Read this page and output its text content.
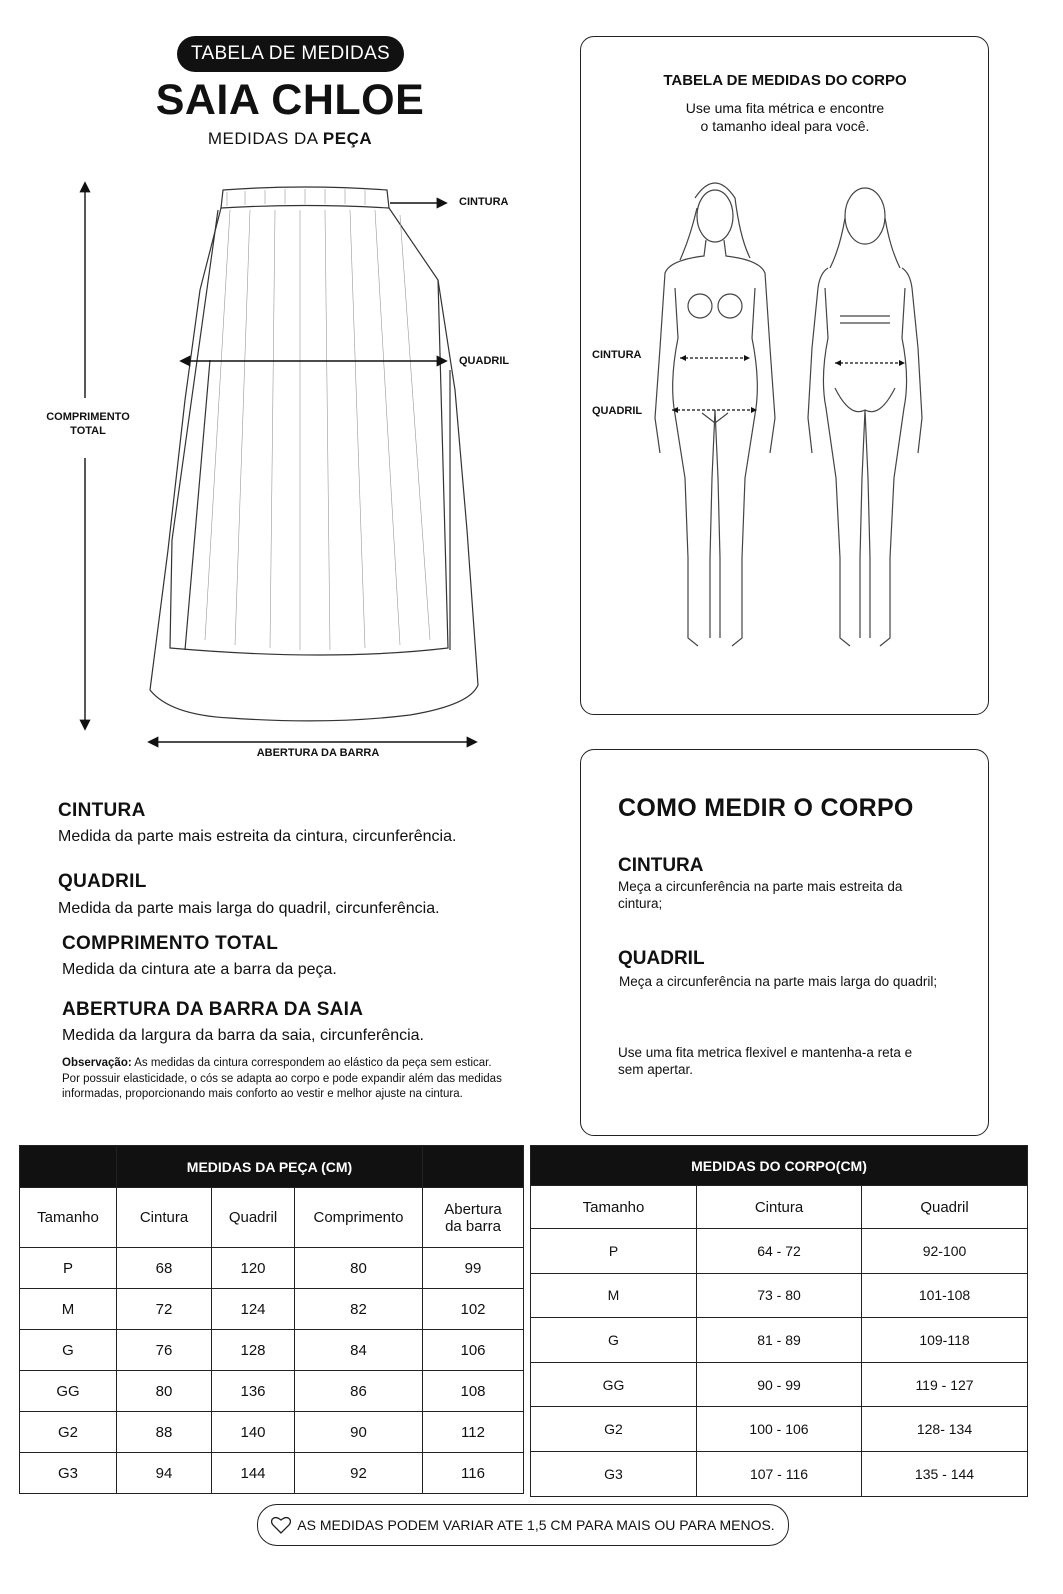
TABELA DE MEDIDAS
SAIA CHLOE
MEDIDAS DA PEÇA
CINTURA
QUADRIL
COMPRIMENTO
TOTAL
ABERTURA DA BARRA
TABELA DE MEDIDAS DO CORPO
Use uma fita métrica e encontre
o tamanho ideal para você.
CINTURA
QUADRIL
CINTURA
Medida da parte mais estreita da cintura, circunferência.
QUADRIL
Medida da parte mais larga do quadril, circunferência.
COMPRIMENTO TOTAL
Medida da cintura ate a barra da peça.
ABERTURA DA BARRA DA SAIA
Medida da largura da barra da saia, circunferência.
Observação: As medidas da cintura correspondem ao elástico da peça sem esticar. Por possuir elasticidade, o cós se adapta ao corpo e pode expandir além das medidas informadas, proporcionando mais conforto ao vestir e melhor ajuste na cintura.
COMO MEDIR O CORPO
CINTURA
Meça a circunferência na parte mais estreita da cintura;
QUADRIL
Meça a circunferência na parte mais larga do quadril;
Use uma fita metrica flexivel e mantenha-a reta e sem apertar.
	MEDIDAS DA PEÇA (CM)			
Tamanho	Cintura	Quadril	Comprimento	Abertura da barra
P	68	120	80	99
M	72	124	82	102
G	76	128	84	106
GG	80	136	86	108
G2	88	140	90	112
G3	94	144	92	116
MEDIDAS DO CORPO(CM)		
Tamanho	Cintura	Quadril
P	64 - 72	92-100
M	73 - 80	101-108
G	81 - 89	109-118
GG	90 - 99	119 - 127
G2	100 - 106	128- 134
G3	107 - 116	135 - 144
AS MEDIDAS PODEM VARIAR ATE 1,5 CM PARA MAIS OU PARA MENOS.
